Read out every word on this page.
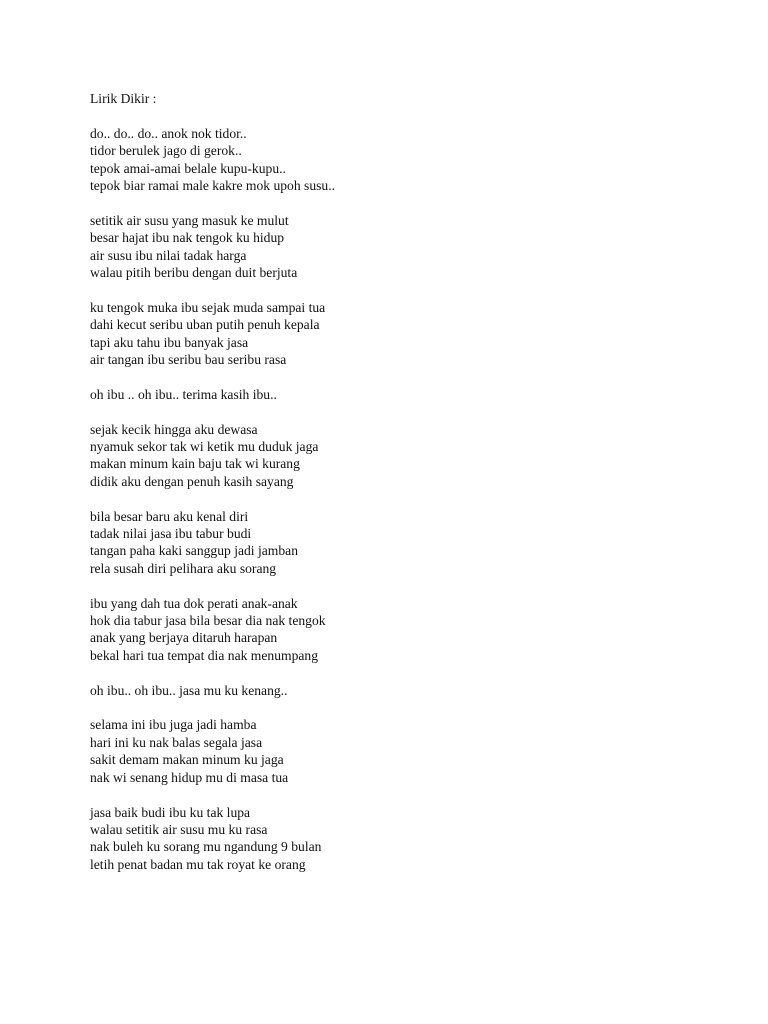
Lirik Dikir :
do.. do.. do.. anok nok tidor..
tidor berulek jago di gerok..
tepok amai-amai belale kupu-kupu..
tepok biar ramai male kakre mok upoh susu..
setitik air susu yang masuk ke mulut
besar hajat ibu nak tengok ku hidup
air susu ibu nilai tadak harga
walau pitih beribu dengan duit berjuta
ku tengok muka ibu sejak muda sampai tua
dahi kecut seribu uban putih penuh kepala
tapi aku tahu ibu banyak jasa
air tangan ibu seribu bau seribu rasa
oh ibu .. oh ibu.. terima kasih ibu..
sejak kecik hingga aku dewasa
nyamuk sekor tak wi ketik mu duduk jaga
makan minum kain baju tak wi kurang
didik aku dengan penuh kasih sayang
bila besar baru aku kenal diri
tadak nilai jasa ibu tabur budi
tangan paha kaki sanggup jadi jamban
rela susah diri pelihara aku sorang
ibu yang dah tua dok perati anak-anak
hok dia tabur jasa bila besar dia nak tengok
anak yang berjaya ditaruh harapan
bekal hari tua tempat dia nak menumpang
oh ibu.. oh ibu.. jasa mu ku kenang..
selama ini ibu juga jadi hamba
hari ini ku nak balas segala jasa
sakit demam makan minum ku jaga
nak wi senang hidup mu di masa tua
jasa baik budi ibu ku tak lupa
walau setitik air susu mu ku rasa
nak buleh ku sorang mu ngandung 9 bulan
letih penat badan mu tak royat ke orang
